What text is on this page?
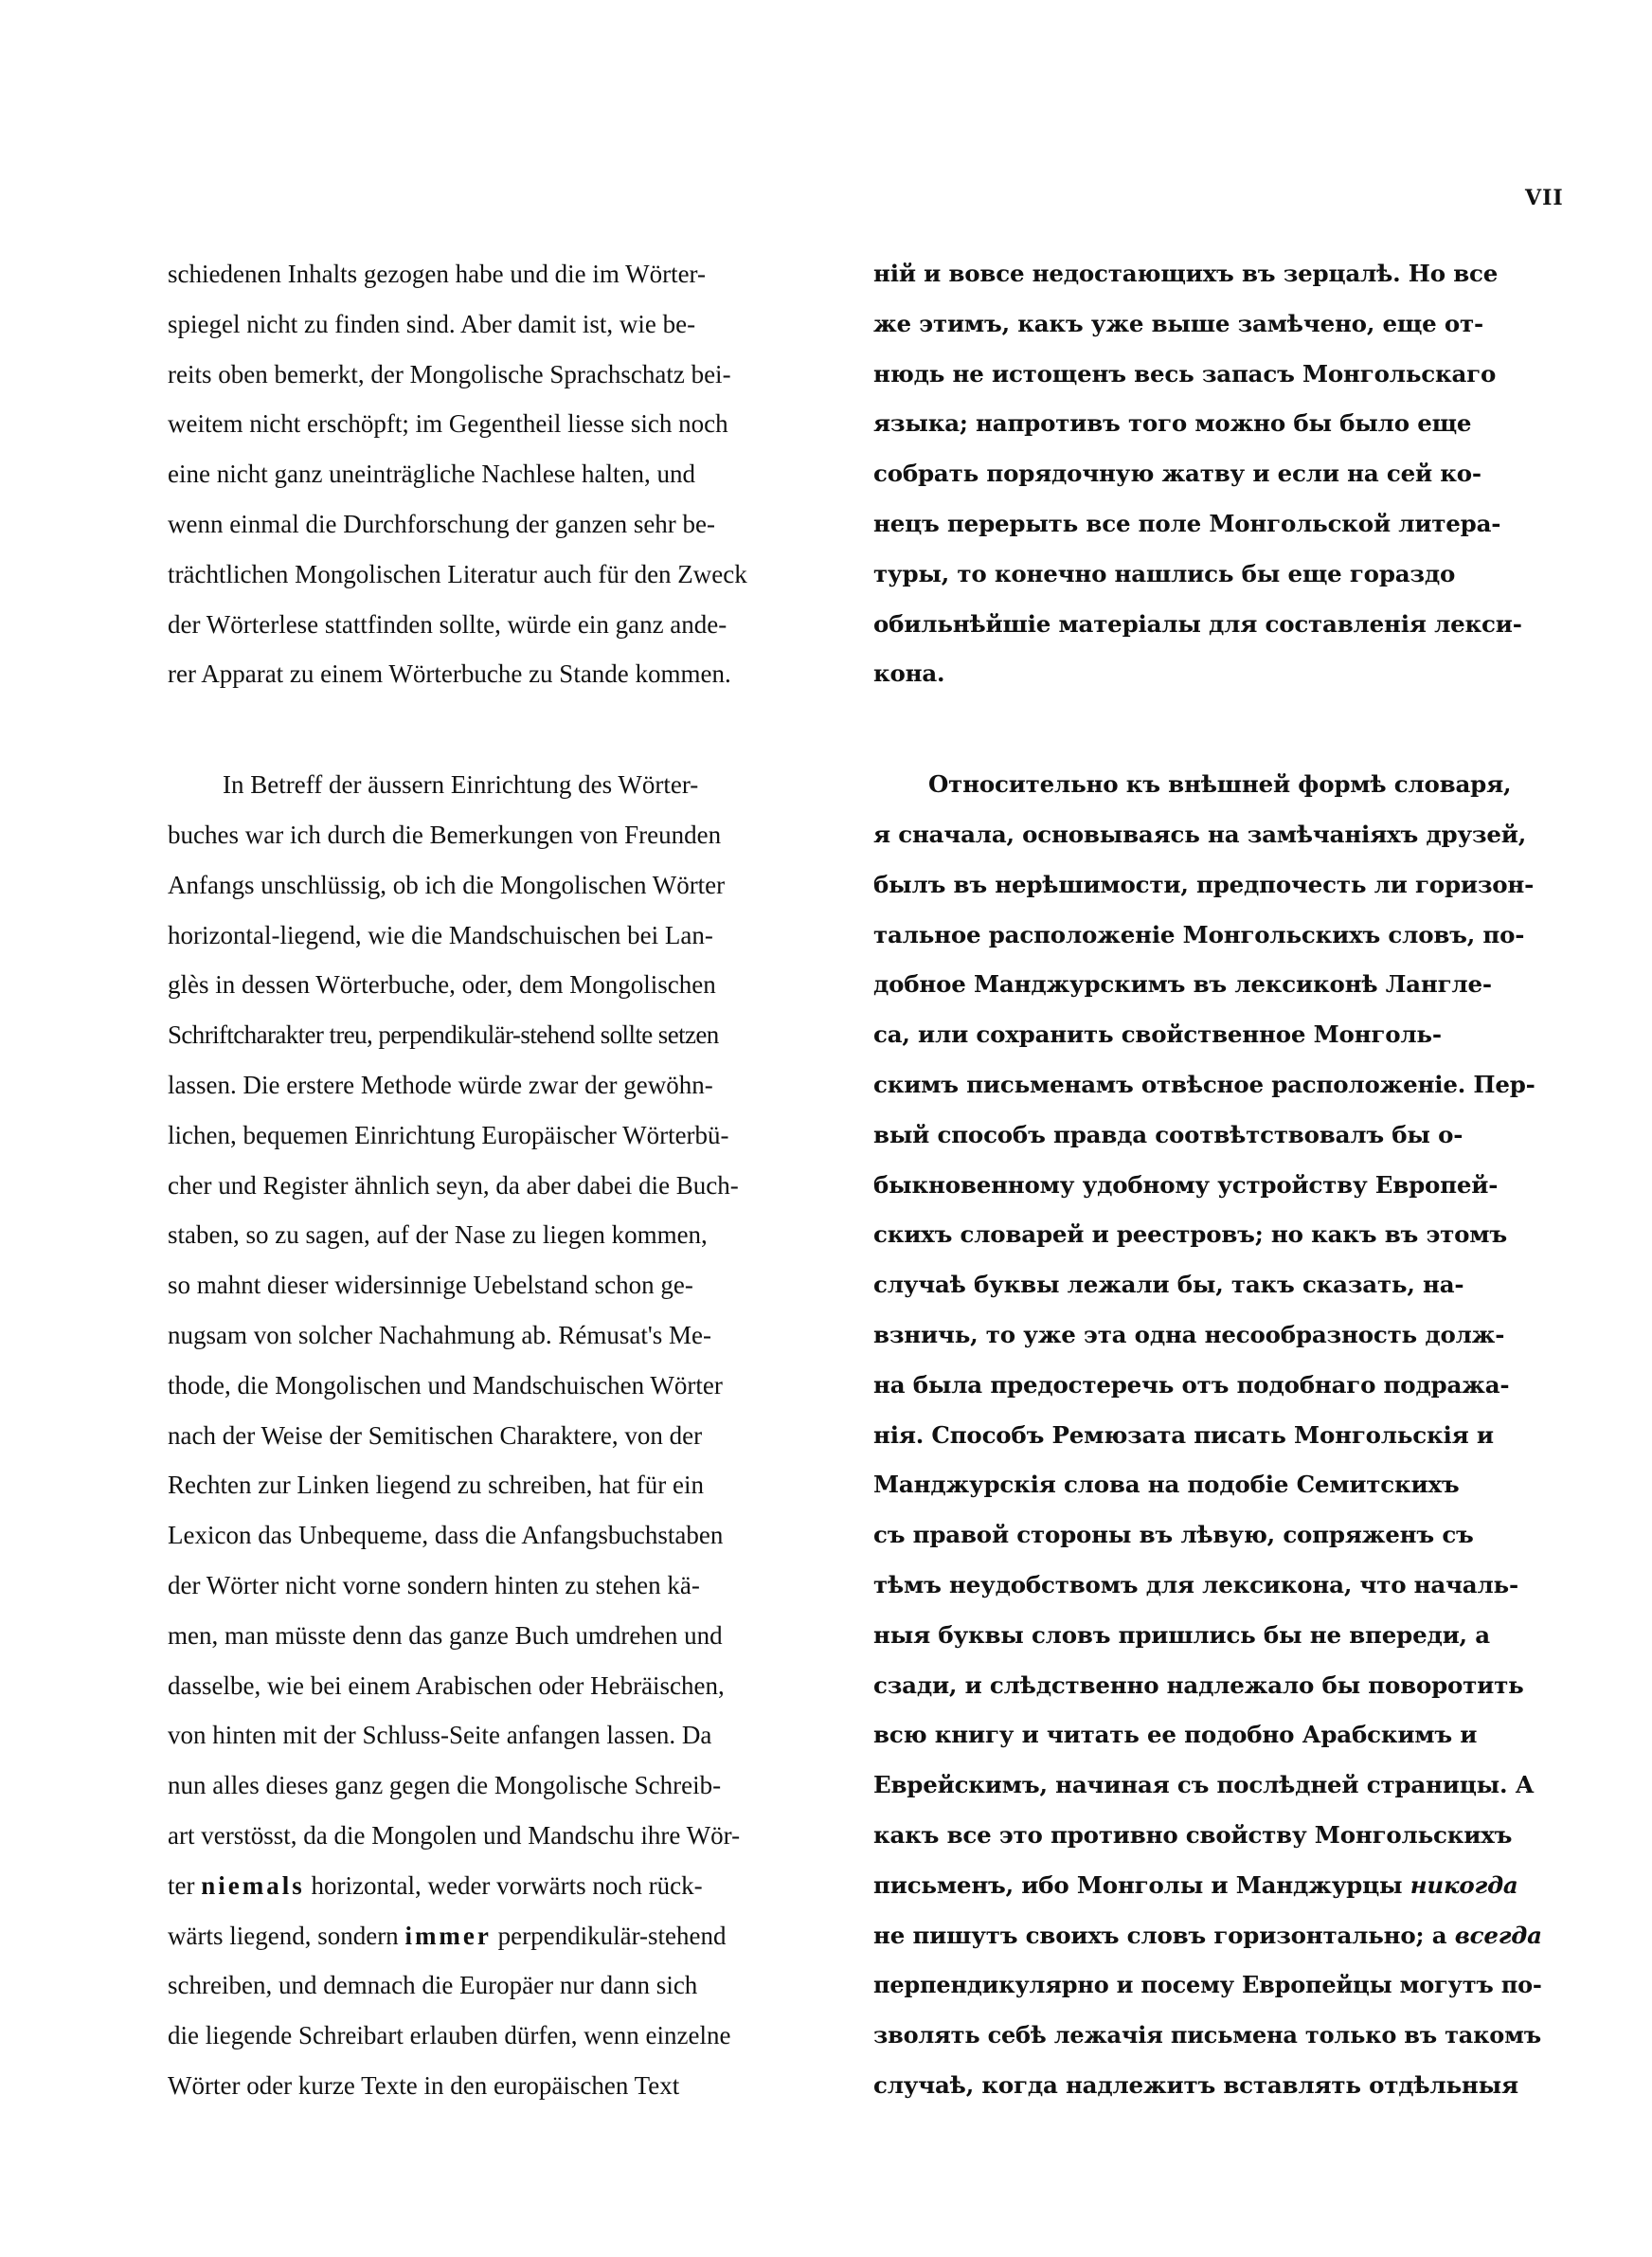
VII
schiedenen Inhalts gezogen habe und die im Wörter-
spiegel nicht zu finden sind. Aber damit ist, wie be-
reits oben bemerkt, der Mongolische Sprachschatz bei-
weitem nicht erschöpft; im Gegentheil liesse sich noch
eine nicht ganz uneinträgliche Nachlese halten, und
wenn einmal die Durchforschung der ganzen sehr be-
trächtlichen Mongolischen Literatur auch für den Zweck
der Wörterlese stattfinden sollte, würde ein ganz ande-
rer Apparat zu einem Wörterbuche zu Stande kommen.
In Betreff der äussern Einrichtung des Wörter-
buches war ich durch die Bemerkungen von Freunden
Anfangs unschlüssig, ob ich die Mongolischen Wörter
horizontal-liegend, wie die Mandschuischen bei Lan-
glès in dessen Wörterbuche, oder, dem Mongolischen
Schriftcharakter treu, perpendikulär-stehend sollte setzen
lassen. Die erstere Methode würde zwar der gewöhn-
lichen, bequemen Einrichtung Europäischer Wörterbü-
cher und Register ähnlich seyn, da aber dabei die Buch-
staben, so zu sagen, auf der Nase zu liegen kommen,
so mahnt dieser widersinnige Uebelstand schon ge-
nugsam von solcher Nachahmung ab. Rémusat's Me-
thode, die Mongolischen und Mandschuischen Wörter
nach der Weise der Semitischen Charaktere, von der
Rechten zur Linken liegend zu schreiben, hat für ein
Lexicon das Unbequeme, dass die Anfangsbuchstaben
der Wörter nicht vorne sondern hinten zu stehen kä-
men, man müsste denn das ganze Buch umdrehen und
dasselbe, wie bei einem Arabischen oder Hebräischen,
von hinten mit der Schluss-Seite anfangen lassen. Da
nun alles dieses ganz gegen die Mongolische Schreib-
art verstösst, da die Mongolen und Mandschu ihre Wör-
ter niemals horizontal, weder vorwärts noch rück-
wärts liegend, sondern immer perpendikulär-stehend
schreiben, und demnach die Europäer nur dann sich
die liegende Schreibart erlauben dürfen, wenn einzelne
Wörter oder kurze Texte in den europäischen Text
ній и вовсе недостающихъ въ зерцалѣ. Но все
же этимъ, какъ уже выше замѣчено, еще от-
нюдь не истощенъ весь запасъ Монгольскаго
языка; напротивъ того можно бы было еще
собрать порядочную жатву и если на сей ко-
нецъ перерыть все поле Монгольской литера-
туры, то конечно нашлись бы еще гораздо
обильнѣйшіе матеріалы для составленія лекси-
кона.
Относительно къ внѣшней формѣ словаря,
я сначала, основываясь на замѣчаніяхъ друзей,
былъ въ нерѣшимости, предпочесть ли горизон-
тальное расположеніе Монгольскихъ словъ, по-
добное Манджурскимъ въ лексиконѣ Лангле-
са, или сохранить свойственное Монголь-
скимъ письменамъ отвѣсное расположеніе. Пер-
вый способъ правда соотвѣтствовалъ бы о-
быкновенному удобному устройству Европей-
скихъ словарей и реестровъ; но какъ въ этомъ
случаѣ буквы лежали бы, такъ сказать, на-
взничь, то уже эта одна несообразность долж-
на была предостеречь отъ подобнаго подража-
нія. Способъ Ремюзата писать Монгольскія и
Манджурскія слова на подобіе Семитскихъ
съ правой стороны въ лѣвую, сопряженъ съ
тѣмъ неудобствомъ для лексикона, что началь-
ныя буквы словъ пришлись бы не впереди, а
сзади, и слѣдственно надлежало бы поворотить
всю книгу и читать ее подобно Арабскимъ и
Еврейскимъ, начиная съ послѣдней страницы. А
какъ все это противно свойству Монгольскихъ
письменъ, ибо Монголы и Манджурцы никогда
не пишутъ своихъ словъ горизонтально; а всегда
перпендикулярно и посему Европейцы могутъ по-
зволять себѣ лежачія письмена только въ такомъ
случаѣ, когда надлежитъ вставлять отдѣльныя
